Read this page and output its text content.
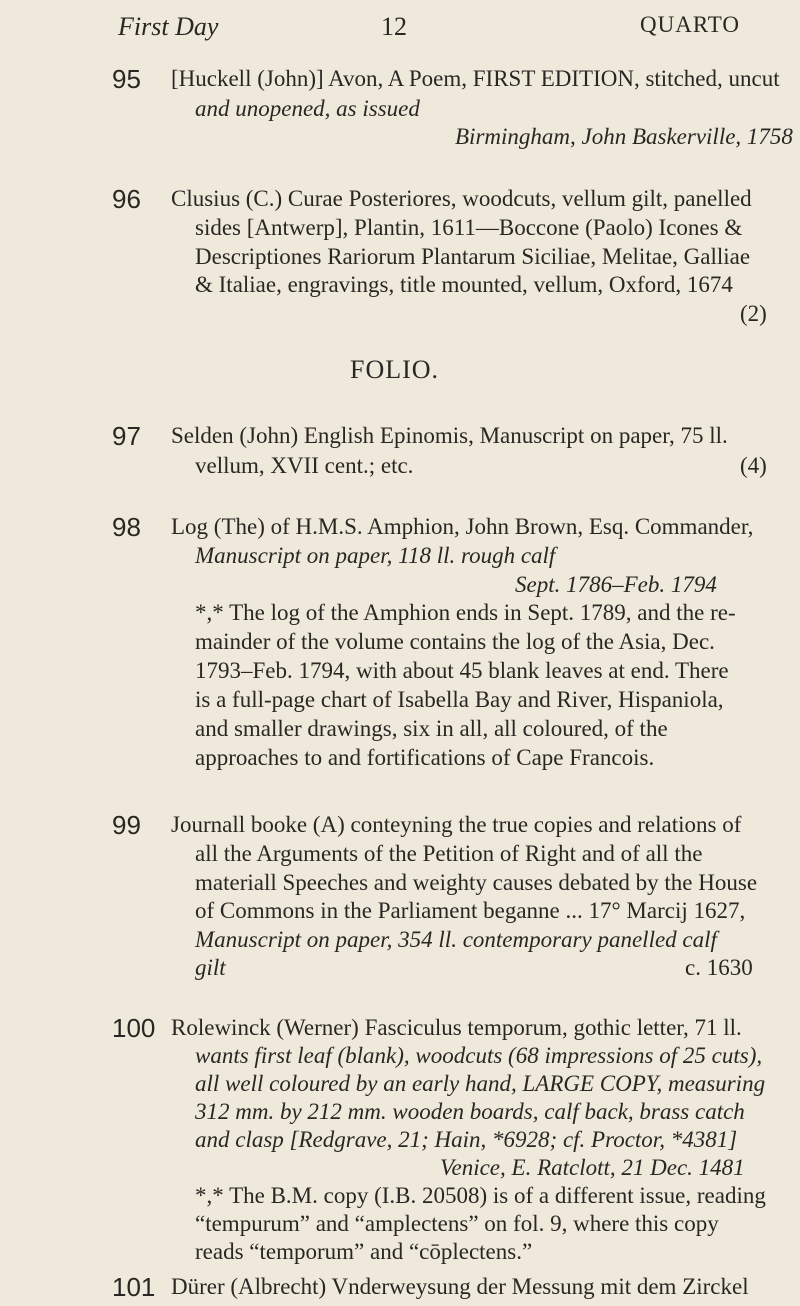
First Day	12	QUARTO
95 [Huckell (John)] Avon, A Poem, FIRST EDITION, stitched, uncut
and unopened, as issued
Birmingham, John Baskerville, 1758
96 Clusius (C.) Curae Posteriores, woodcuts, vellum gilt, panelled
sides [Antwerp], Plantin, 1611—Boccone (Paolo) Icones &
Descriptiones Rariorum Plantarum Siciliae, Melitae, Galliae
& Italiae, engravings, title mounted, vellum, Oxford, 1674
(2)
FOLIO.
97 Selden (John) English Epinomis, Manuscript on paper, 75 ll.
vellum, XVII cent.; etc.	(4)
98 Log (The) of H.M.S. Amphion, John Brown, Esq. Commander,
Manuscript on paper, 118 ll. rough calf
Sept. 1786–Feb. 1794
*,* The log of the Amphion ends in Sept. 1789, and the re-
mainder of the volume contains the log of the Asia, Dec.
1793–Feb. 1794, with about 45 blank leaves at end. There
is a full-page chart of Isabella Bay and River, Hispaniola,
and smaller drawings, six in all, all coloured, of the
approaches to and fortifications of Cape Francois.
99 Journall booke (A) conteyning the true copies and relations of
all the Arguments of the Petition of Right and of all the
materiall Speeches and weighty causes debated by the House
of Commons in the Parliament beganne ... 17° Marcij 1627,
Manuscript on paper, 354 ll. contemporary panelled calf
gilt	c. 1630
100 Rolewinck (Werner) Fasciculus temporum, gothic letter, 71 ll.
wants first leaf (blank), woodcuts (68 impressions of 25 cuts),
all well coloured by an early hand, LARGE COPY, measuring
312 mm. by 212 mm. wooden boards, calf back, brass catch
and clasp [Redgrave, 21; Hain, *6928; cf. Proctor, *4381]
Venice, E. Ratclott, 21 Dec. 1481
*,* The B.M. copy (I.B. 20508) is of a different issue, reading
“tempurum” and “amplectens” on fol. 9, where this copy
reads “temporum” and “cōplectens.”
101 Dürer (Albrecht) Vnderweysung der Messung mit dem Zirckel
